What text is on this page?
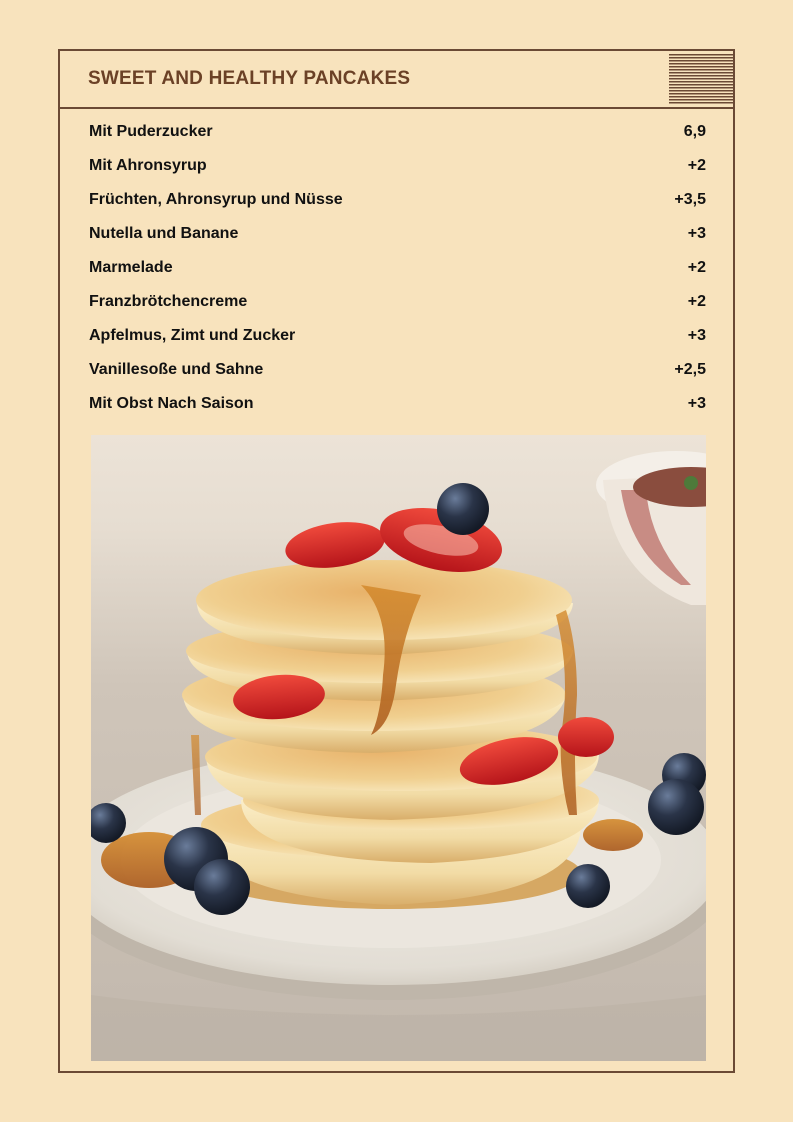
SWEET AND HEALTHY PANCAKES
Mit Puderzucker	6,9
Mit Ahronsyrup	+2
Früchten, Ahronsyrup und Nüsse	+3,5
Nutella und Banane	+3
Marmelade	+2
Franzbrötchencreme	+2
Apfelmus, Zimt und Zucker	+3
Vanillesoße und Sahne	+2,5
Mit Obst Nach Saison	+3
